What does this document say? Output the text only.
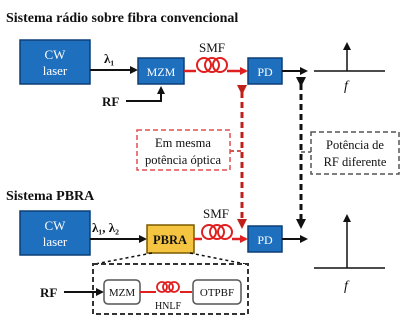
Sistema rádio sobre fibra convencional
CW
laser
λ₁
MZM
RF
SMF
PD
f
Em mesma
potência óptica
Potência de
RF diferente
Sistema PBRA
CW
laser
λ₁, λ₂
PBRA
SMF
PD
f
RF	MZM
HNLF
OTPBF
